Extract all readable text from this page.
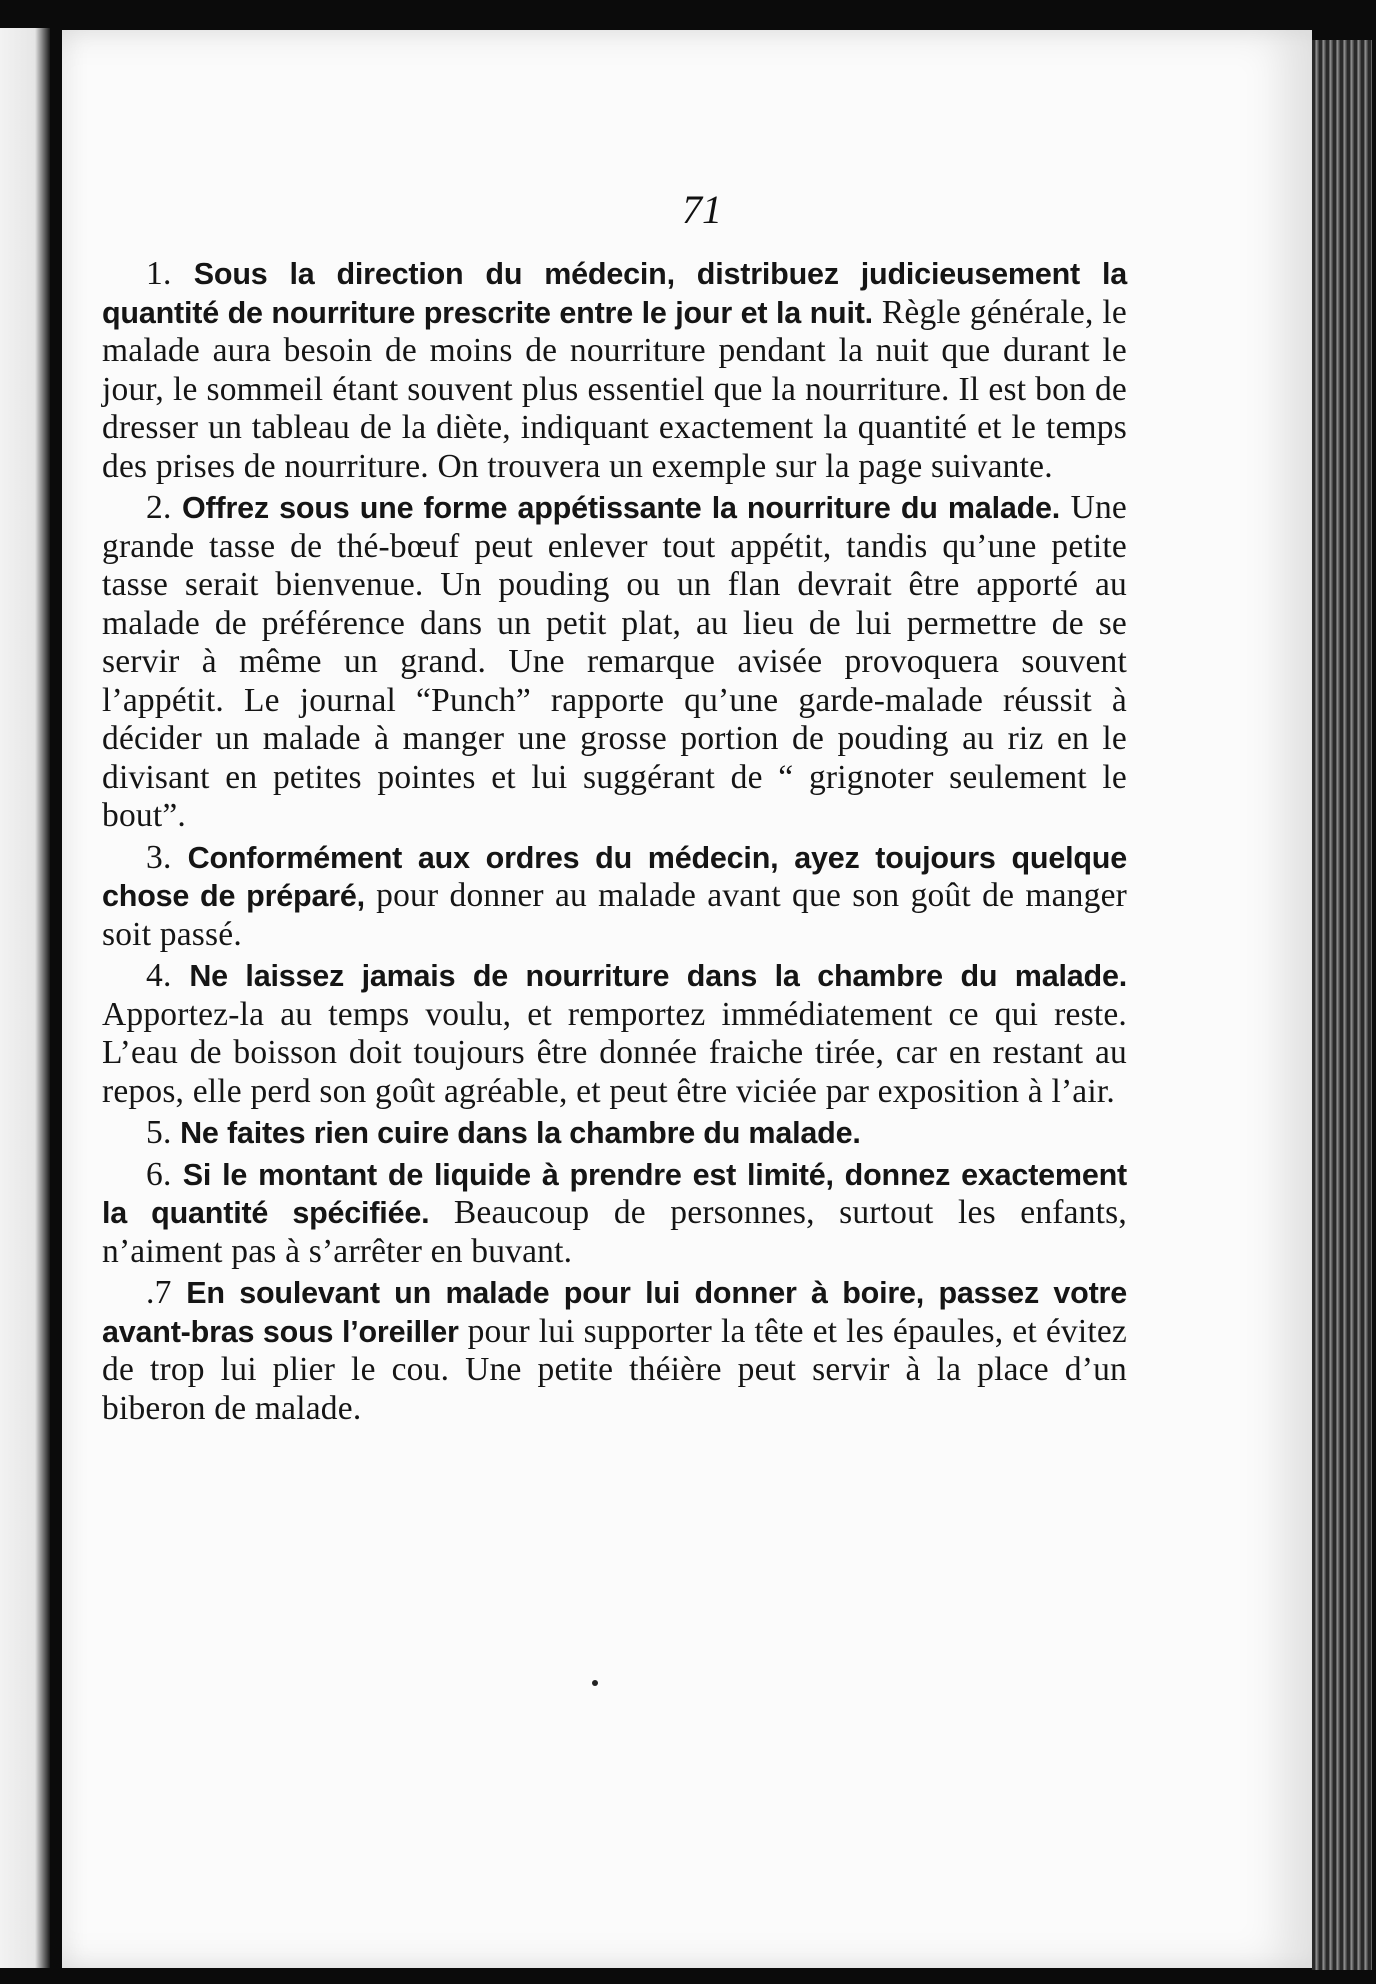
71

1. Sous la direction du médecin, distribuez judicieusement la quantité de nourriture prescrite entre le jour et la nuit. Règle générale, le malade aura besoin de moins de nourriture pendant la nuit que durant le jour, le sommeil étant souvent plus essentiel que la nourriture. Il est bon de dresser un tableau de la diète, indiquant exactement la quantité et le temps des prises de nourriture. On trouvera un exemple sur la page suivante.

2. Offrez sous une forme appétissante la nourriture du malade. Une grande tasse de thé-bœuf peut enlever tout appétit, tandis qu’une petite tasse serait bienvenue. Un pouding ou un flan devrait être apporté au malade de préférence dans un petit plat, au lieu de lui permettre de se servir à même un grand. Une remarque avisée provoquera souvent l’appétit. Le journal “Punch” rapporte qu’une garde-malade réussit à décider un malade à manger une grosse portion de pouding au riz en le divisant en petites pointes et lui suggérant de “ grignoter seulement le bout”.

3. Conformément aux ordres du médecin, ayez toujours quelque chose de préparé, pour donner au malade avant que son goût de manger soit passé.

4. Ne laissez jamais de nourriture dans la chambre du malade. Apportez-la au temps voulu, et remportez immédiatement ce qui reste. L’eau de boisson doit toujours être donnée fraiche tirée, car en restant au repos, elle perd son goût agréable, et peut être viciée par exposition à l’air.

5. Ne faites rien cuire dans la chambre du malade.

6. Si le montant de liquide à prendre est limité, donnez exactement la quantité spécifiée. Beaucoup de personnes, surtout les enfants, n’aiment pas à s’arrêter en buvant.

.7 En soulevant un malade pour lui donner à boire, passez votre avant-bras sous l’oreiller pour lui supporter la tête et les épaules, et évitez de trop lui plier le cou. Une petite théière peut servir à la place d’un biberon de malade.
